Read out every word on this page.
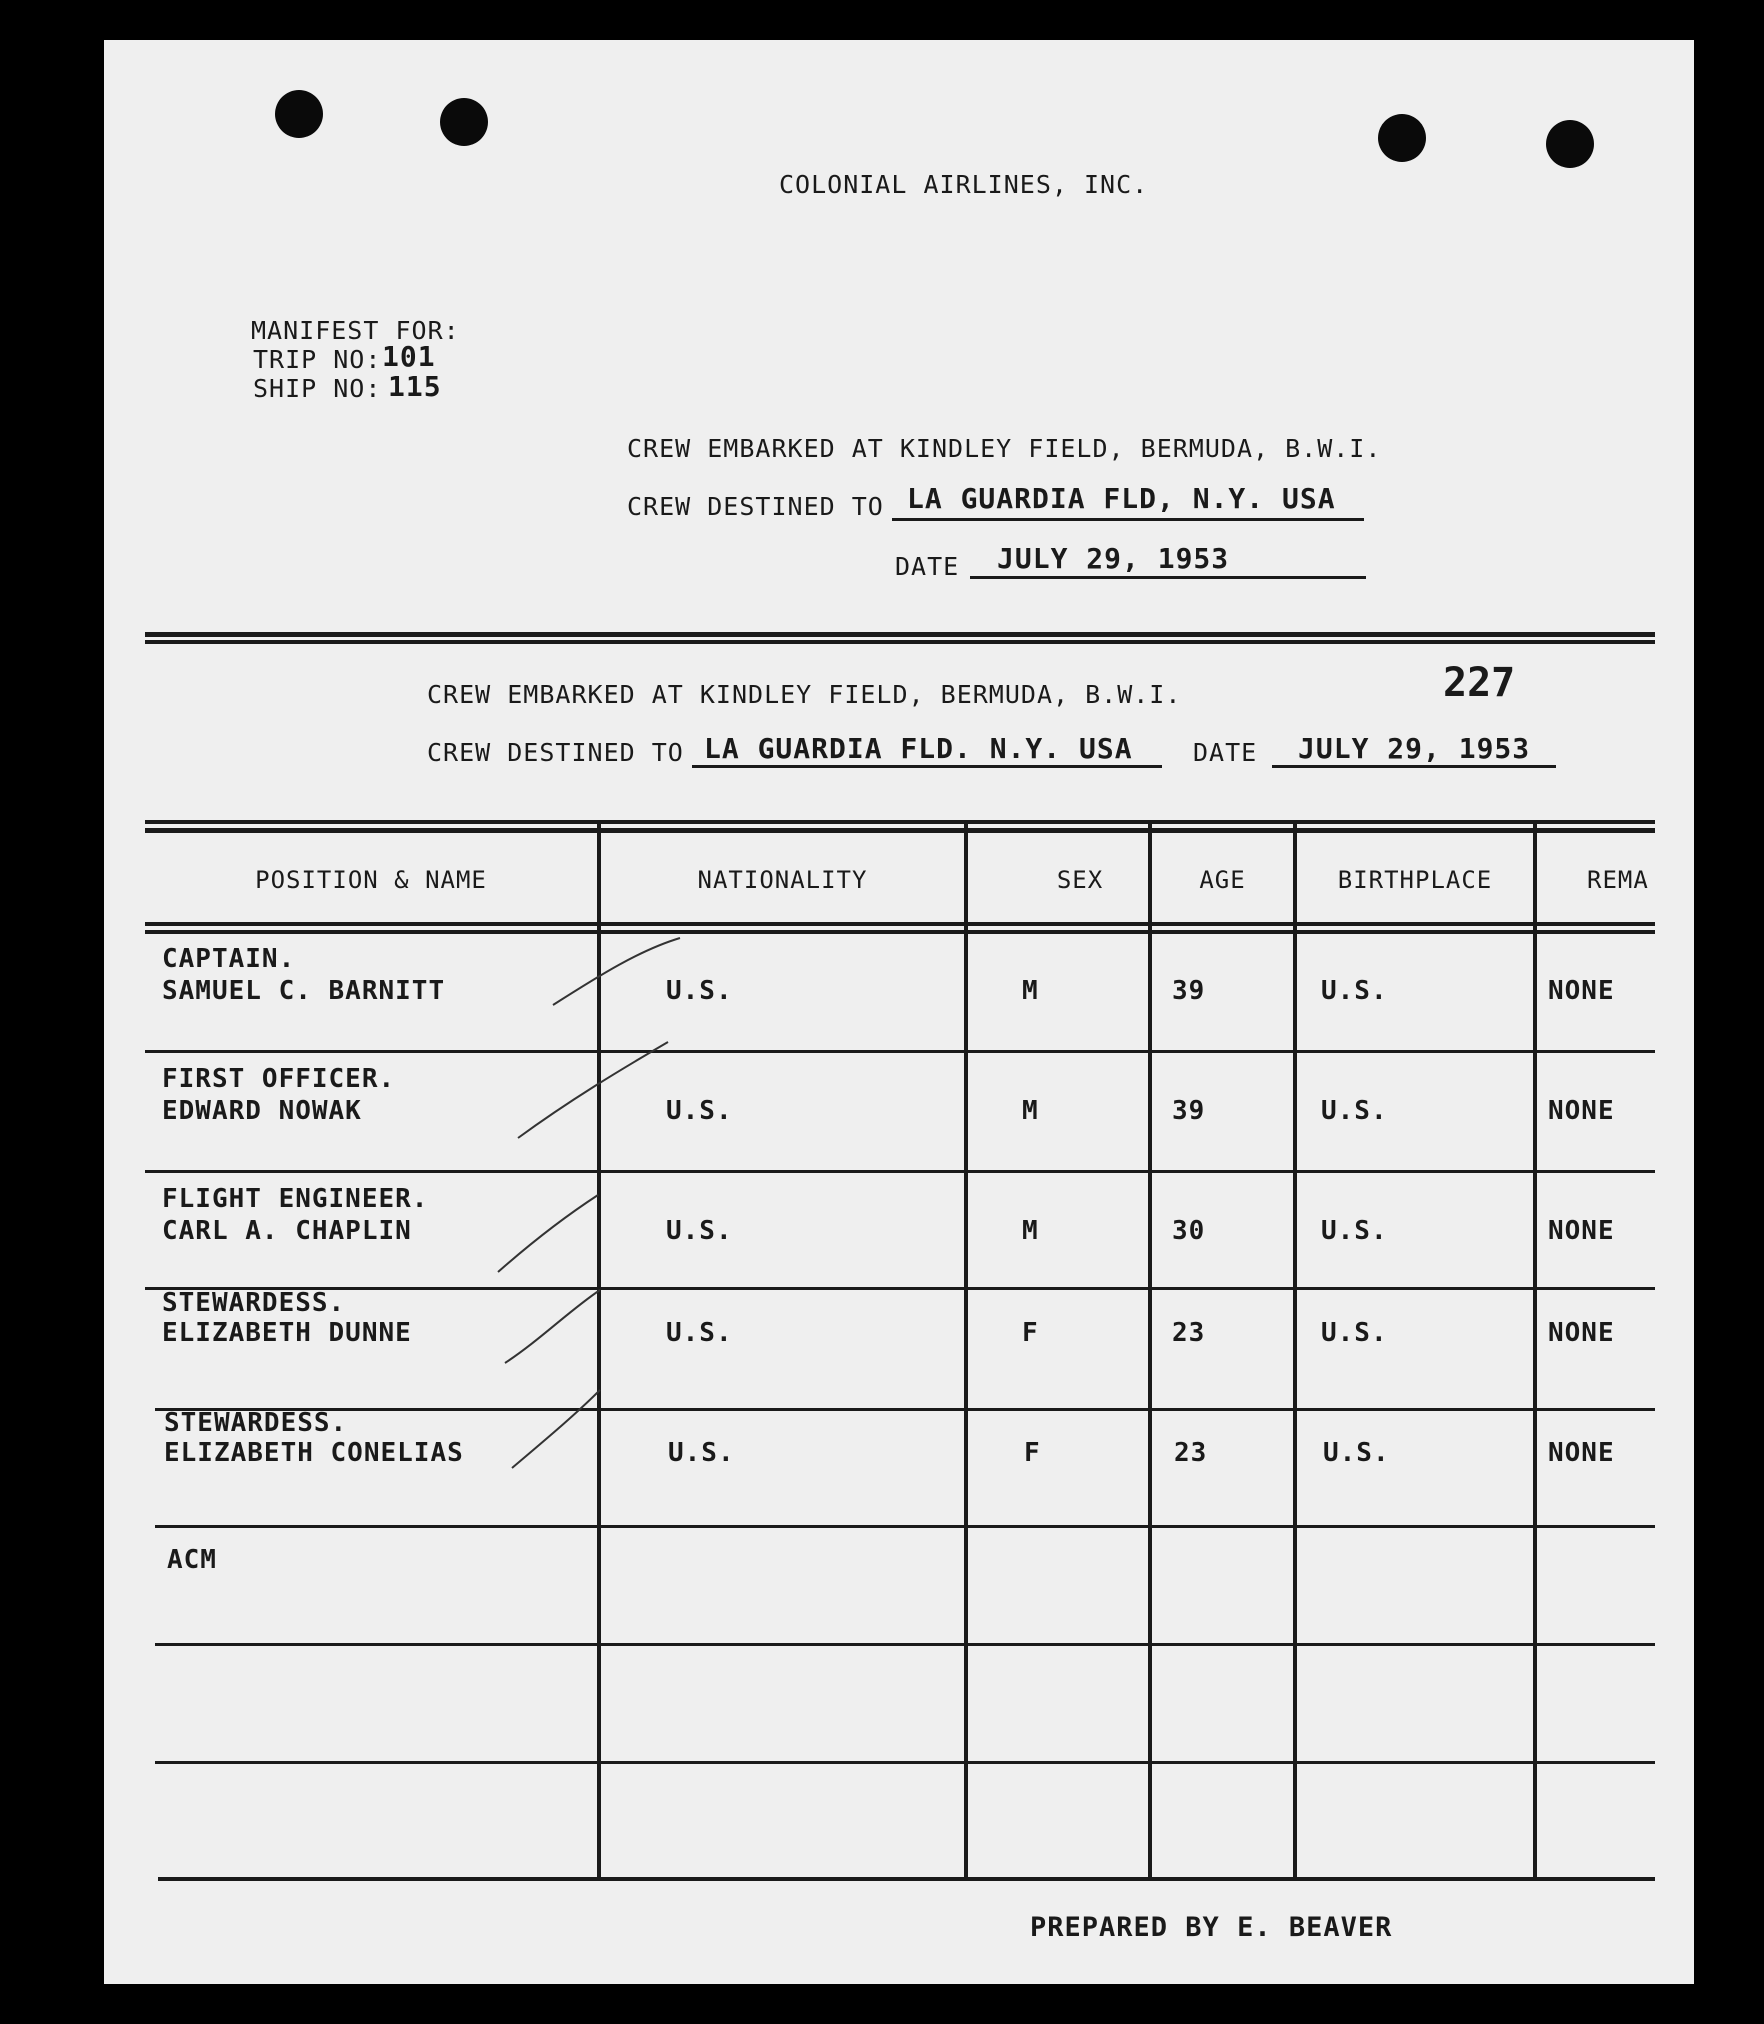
COLONIAL AIRLINES, INC.
MANIFEST FOR:
TRIP NO: 101
SHIP NO: 115
CREW EMBARKED AT KINDLEY FIELD, BERMUDA, B.W.I.
CREW DESTINED TO LA GUARDIA FLD, N.Y. USA
DATE JULY 29, 1953
CREW EMBARKED AT KINDLEY FIELD, BERMUDA, B.W.I.	227
CREW DESTINED TO LA GUARDIA FLD. N.Y. USA DATE JULY 29, 1953
POSITION & NAME	NATIONALITY	SEX	AGE	BIRTHPLACE	REMA
CAPTAIN.
SAMUEL C. BARNITT	U.S.	M	39	U.S.	NONE
FIRST OFFICER.
EDWARD NOWAK	U.S.	M	39	U.S.	NONE
FLIGHT ENGINEER.
CARL A. CHAPLIN	U.S.	M	30	U.S.	NONE
STEWARDESS.
ELIZABETH DUNNE	U.S.	F	23	U.S.	NONE
STEWARDESS.
ELIZABETH CONELIAS	U.S.	F	23	U.S.	NONE
ACM
PREPARED BY E. BEAVER
